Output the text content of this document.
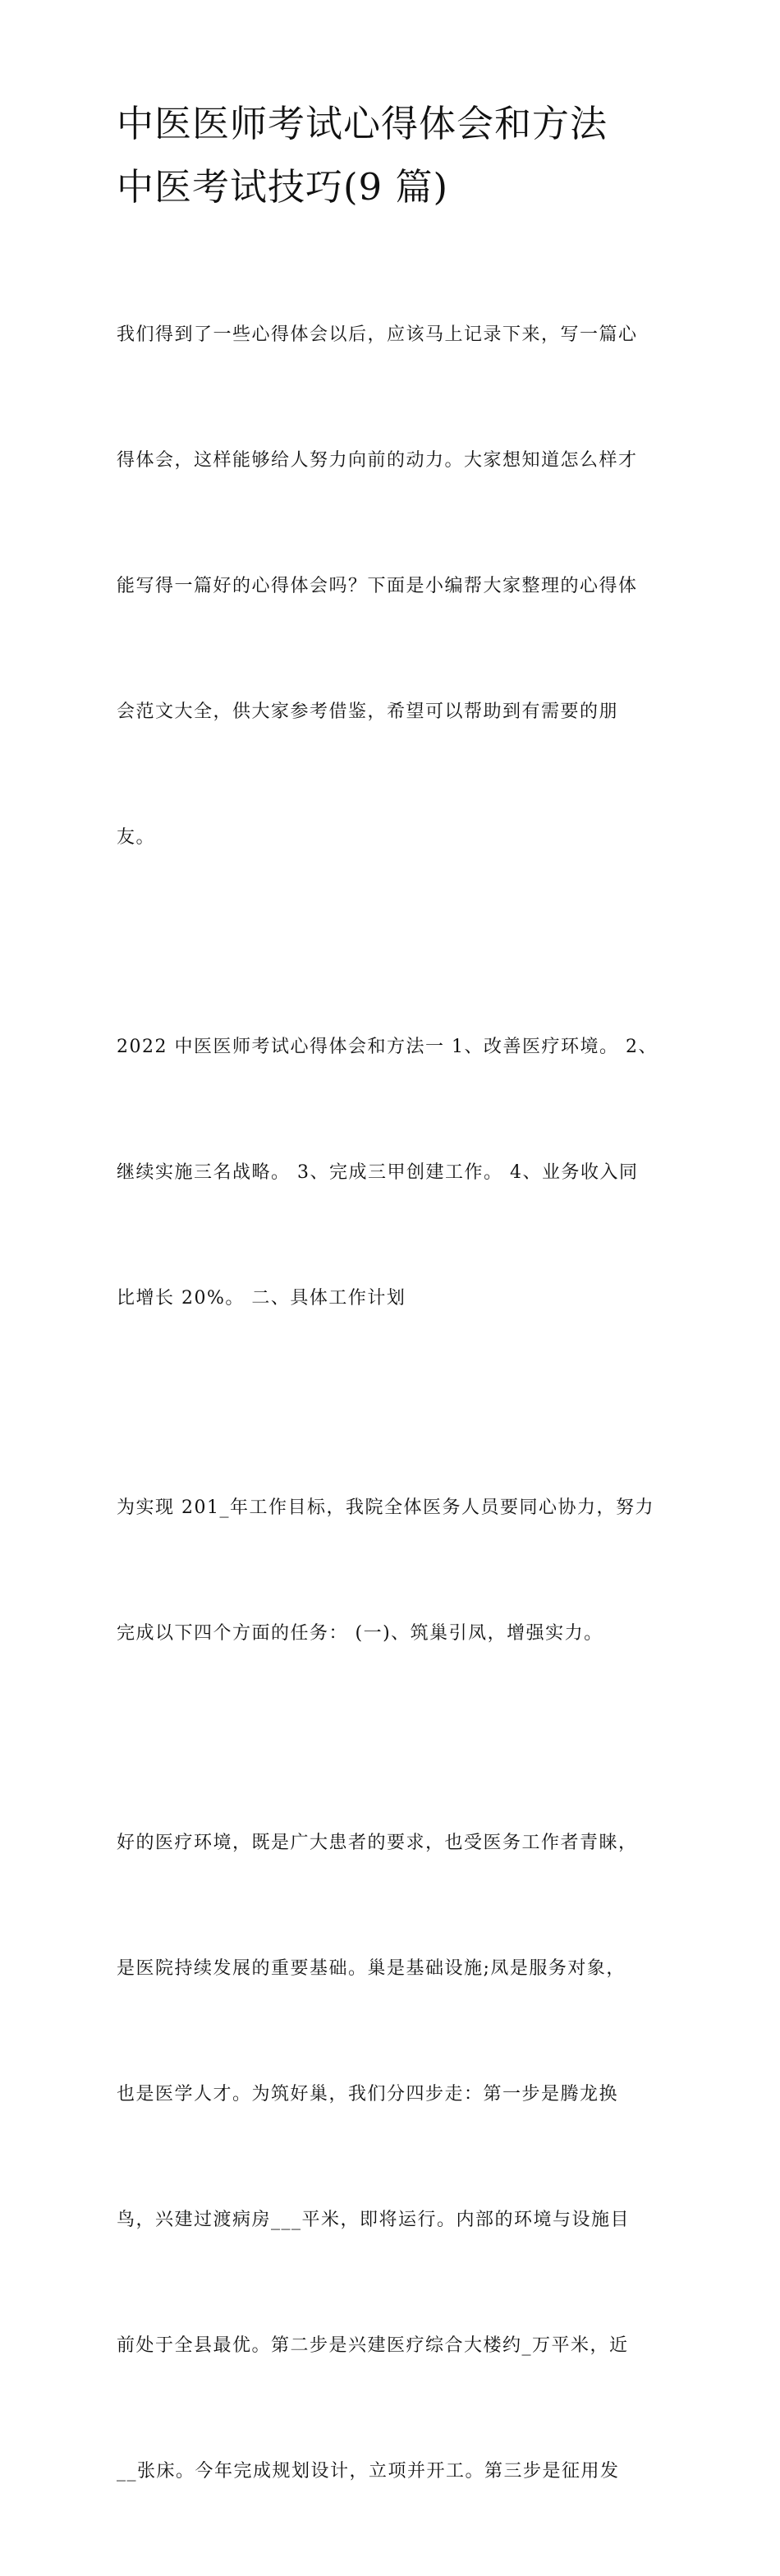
中医医师考试心得体会和方法
中医考试技巧(9 篇)

我们得到了一些心得体会以后，应该马上记录下来，写一篇心

得体会，这样能够给人努力向前的动力。大家想知道怎么样才

能写得一篇好的心得体会吗？下面是小编帮大家整理的心得体

会范文大全，供大家参考借鉴，希望可以帮助到有需要的朋

友。

2022 中医医师考试心得体会和方法一 1、改善医疗环境。 2、

继续实施三名战略。 3、完成三甲创建工作。 4、业务收入同

比增长 20%。 二、具体工作计划

为实现 201_年工作目标，我院全体医务人员要同心协力，努力

完成以下四个方面的任务： (一)、筑巢引凤，增强实力。

好的医疗环境，既是广大患者的要求，也受医务工作者青睐，

是医院持续发展的重要基础。巢是基础设施;凤是服务对象，

也是医学人才。为筑好巢，我们分四步走：第一步是腾龙换

鸟，兴建过渡病房___平米，即将运行。内部的环境与设施目

前处于全县最优。第二步是兴建医疗综合大楼约_万平米，近

__张床。今年完成规划设计，立项并开工。第三步是征用发
